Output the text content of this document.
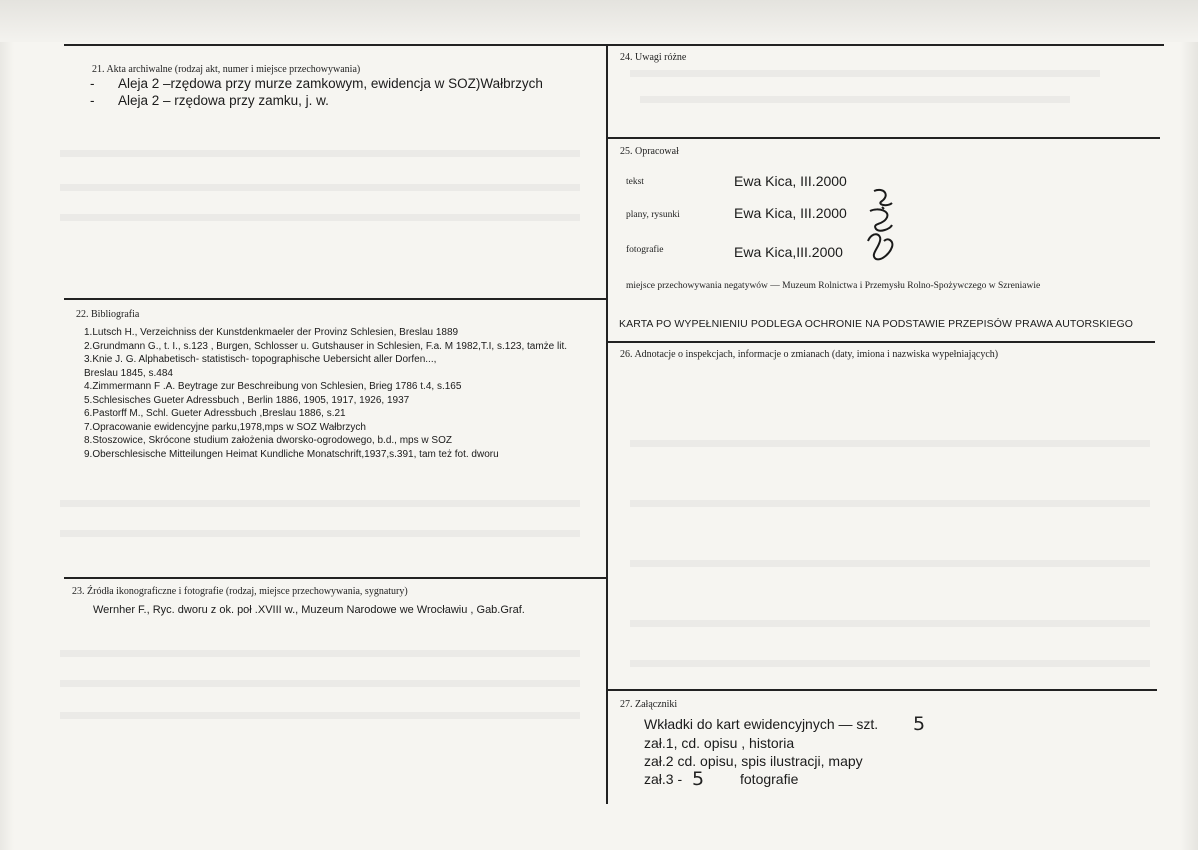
21. Akta archiwalne (rodzaj akt, numer i miejsce przechowywania)
- Aleja 2 –rzędowa przy murze zamkowym, ewidencja w SOZ)Wałbrzych
- Aleja 2 – rzędowa przy zamku, j. w.
22. Bibliografia
1.Lutsch H., Verzeichniss der Kunstdenkmaeler der Provinz Schlesien, Breslau 1889
2.Grundmann G., t. I., s.123 , Burgen, Schlosser u. Gutshauser in Schlesien, F.a. M 1982,T.I, s.123, tamże lit.
3.Knie J. G. Alphabetisch- statistisch- topographische Uebersicht aller Dorfen...,
Breslau 1845, s.484
4.Zimmermann F .A. Beytrage zur Beschreibung von Schlesien, Brieg 1786 t.4, s.165
5.Schlesisches Gueter Adressbuch , Berlin 1886, 1905, 1917, 1926, 1937
6.Pastorff M., Schl. Gueter Adressbuch ,Breslau 1886, s.21
7.Opracowanie ewidencyjne parku,1978,mps w SOZ Wałbrzych
8.Stoszowice, Skrócone studium założenia dworsko-ogrodowego, b.d., mps w SOZ
9.Oberschlesische Mitteilungen Heimat Kundliche Monatschrift,1937,s.391, tam też fot. dworu
23. Źródła ikonograficzne i fotografie (rodzaj, miejsce przechowywania, sygnatury)
Wernher F., Ryc. dworu z ok. poł .XVIII w., Muzeum Narodowe we Wrocławiu , Gab.Graf.
24. Uwagi różne
25. Opracował
tekst	Ewa Kica, III.2000
plany, rysunki	Ewa Kica, III.2000
fotografie	Ewa Kica,III.2000
miejsce przechowywania negatywów — Muzeum Rolnictwa i Przemysłu Rolno-Spożywczego w Szreniawie
KARTA PO WYPEŁNIENIU PODLEGA OCHRONIE NA PODSTAWIE PRZEPISÓW PRAWA AUTORSKIEGO
26. Adnotacje o inspekcjach, informacje o zmianach (daty, imiona i nazwiska wypełniających)
27. Załączniki
Wkładki do kart ewidencyjnych — szt. 5
zał.1, cd. opisu , historia
zał.2 cd. opisu, spis ilustracji, mapy
zał.3 - 5	fotografie
